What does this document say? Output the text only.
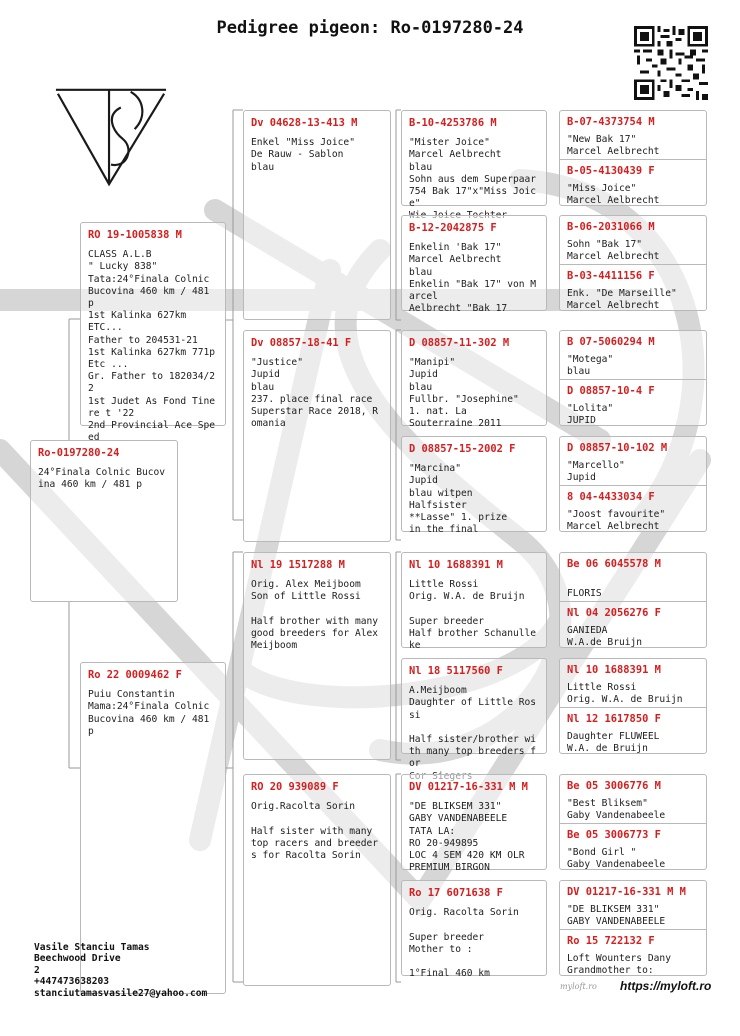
Pedigree pigeon: Ro-0197280-24
Ro-0197280-24
24°Finala Colnic Bucovina 460 km / 481 p
RO 19-1005838 M
CLASS A.L.B
" Lucky 838"
Tata:24°Finala Colnic Bucovina 460 km / 481 p
1st Kalinka 627km
ETC...
Father to 204531-21
1st Kalinka 627km 771p
Etc ...
Gr. Father to 182034/22
1st Judet As Fond Tinere t '22
2nd Provincial Ace Speed
Ro 22 0009462 F
Puiu Constantin
Mama:24°Finala Colnic Bucovina 460 km / 481 p
Dv 04628-13-413 M
Enkel "Miss Joice"
De Rauw - Sablon
blau
Dv 08857-18-41 F
"Justice"
Jupid
blau
237. place final race Superstar Race 2018, Romania
Nl 19 1517288 M
Orig. Alex Meijboom
Son of Little Rossi

Half brother with many good breeders for Alex Meijboom
RO 20 939089 F
Orig.Racolta Sorin

Half sister with many top racers and breeders for Racolta Sorin
B-10-4253786 M
"Mister Joice"
Marcel Aelbrecht
blau
Sohn aus dem Superpaar 754 Bak 17"x"Miss Joice"

B-12-2042875 F
Enkelin 'Bak 17"
Marcel Aelbrecht
blau
Enkelin "Bak 17" von Marcel
Aelbrecht "Bak 17
D 08857-11-302 M
"Manipi"
Jupid
blau
Fullbr. "Josephine"
1. nat. La
Souterraine 2011
D 08857-15-2002 F
"Marcina"
Jupid
blau witpen
Halfsister
**Lasse" 1. prize
in the final
Nl 10 1688391 M
Little Rossi
Orig. W.A. de Bruijn

Super breeder
Half brother Schanulleke
Nl 18 5117560 F
A.Meijboom
Daughter of Little Rossi

Half sister/brother with many top breeders for

DV 01217-16-331 M M
"DE BLIKSEM 331"
GABY VANDENABEELE
TATA LA:
RO 20-949895
LOC 4 SEM 420 KM OLR
PREMIUM BIRGON
Ro 17 6071638 F
Orig. Racolta Sorin

Super breeder
Mother to :

1°Final 460 km
B-07-4373754 M
"New Bak 17"
Marcel Aelbrecht
B-05-4130439 F
"Miss Joice"
Marcel Aelbrecht
B-06-2031066 M
Sohn "Bak 17"
Marcel Aelbrecht
B-03-4411156 F
Enk. "De Marseille"
Marcel Aelbrecht
B 07-5060294 M
"Motega"
blau
D 08857-10-4 F
"Lolita"
JUPID
D 08857-10-102 M
"Marcello"
Jupid
8 04-4433034 F
"Joost favourite"
Marcel Aelbrecht
Be 06 6045578 M

FLORIS
Nl 04 2056276 F
GANIEDA
W.A.de Bruijn
Nl 10 1688391 M
Little Rossi
Orig. W.A. de Bruijn
Nl 12 1617850 F
Daughter FLUWEEL
W.A. de Bruijn
Be 05 3006776 M
"Best Bliksem"
Gaby Vandenabeele
Be 05 3006773 F
"Bond Girl "
Gaby Vandenabeele
DV 01217-16-331 M M
"DE BLIKSEM 331"
GABY VANDENABEELE
Ro 15 722132 F
Loft Wounters Dany
Grandmother to:
Vasile Stanciu Tamas
Beechwood Drive
2
+447473638203
stanciutamasvasile27@yahoo.com
myloft.ro https://myloft.ro
